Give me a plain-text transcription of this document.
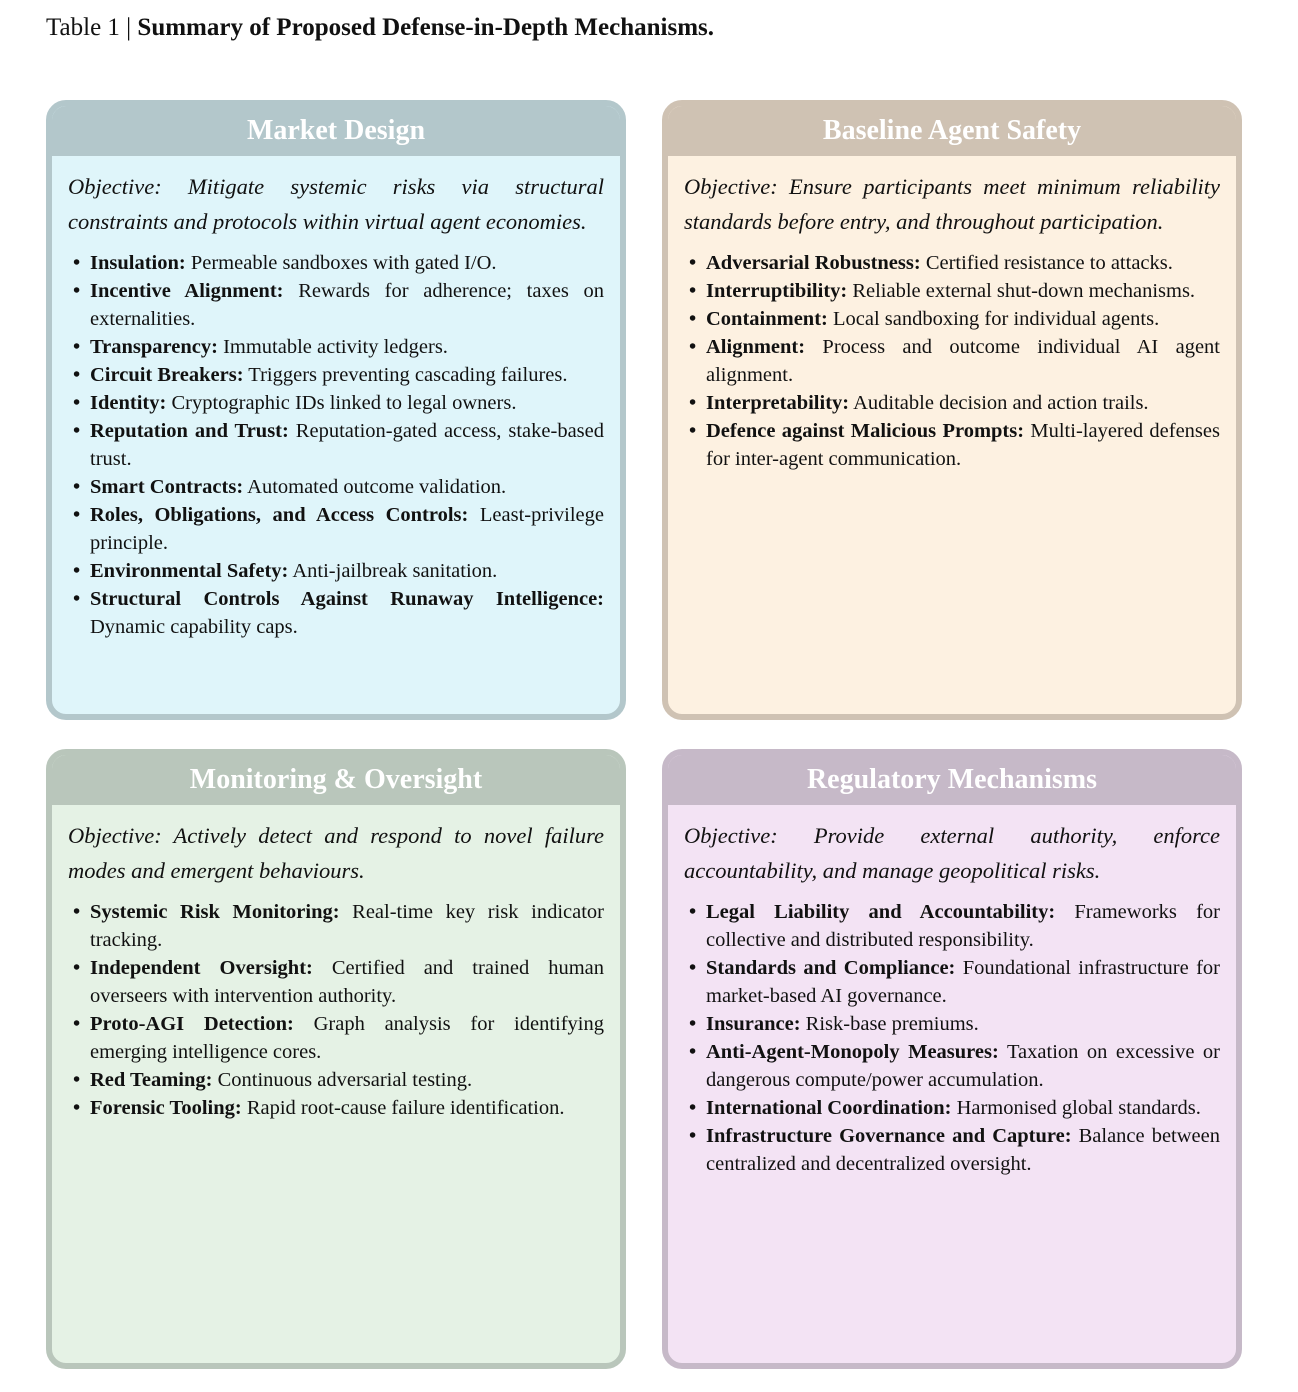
Table 1 | Summary of Proposed Defense-in-Depth Mechanisms.
Market Design

Objective: Mitigate systemic risks via structural constraints and protocols within virtual agent economies.

• Insulation: Permeable sandboxes with gated I/O.
• Incentive Alignment: Rewards for adherence; taxes on externalities.
• Transparency: Immutable activity ledgers.
• Circuit Breakers: Triggers preventing cascading failures.
• Identity: Cryptographic IDs linked to legal owners.
• Reputation and Trust: Reputation-gated access, stake-based trust.
• Smart Contracts: Automated outcome validation.
• Roles, Obligations, and Access Controls: Least-privilege principle.
• Environmental Safety: Anti-jailbreak sanitation.
• Structural Controls Against Runaway Intelligence: Dynamic capability caps.
Baseline Agent Safety

Objective: Ensure participants meet minimum reliability standards before entry, and throughout participation.

• Adversarial Robustness: Certified resistance to attacks.
• Interruptibility: Reliable external shut-down mechanisms.
• Containment: Local sandboxing for individual agents.
• Alignment: Process and outcome individual AI agent alignment.
• Interpretability: Auditable decision and action trails.
• Defence against Malicious Prompts: Multi-layered defenses for inter-agent communication.
Monitoring & Oversight

Objective: Actively detect and respond to novel failure modes and emergent behaviours.

• Systemic Risk Monitoring: Real-time key risk indicator tracking.
• Independent Oversight: Certified and trained human overseers with intervention authority.
• Proto-AGI Detection: Graph analysis for identifying emerging intelligence cores.
• Red Teaming: Continuous adversarial testing.
• Forensic Tooling: Rapid root-cause failure identification.
Regulatory Mechanisms

Objective: Provide external authority, enforce accountability, and manage geopolitical risks.

• Legal Liability and Accountability: Frameworks for collective and distributed responsibility.
• Standards and Compliance: Foundational infrastructure for market-based AI governance.
• Insurance: Risk-base premiums.
• Anti-Agent-Monopoly Measures: Taxation on excessive or dangerous compute/power accumulation.
• International Coordination: Harmonised global standards.
• Infrastructure Governance and Capture: Balance between centralized and decentralized oversight.
